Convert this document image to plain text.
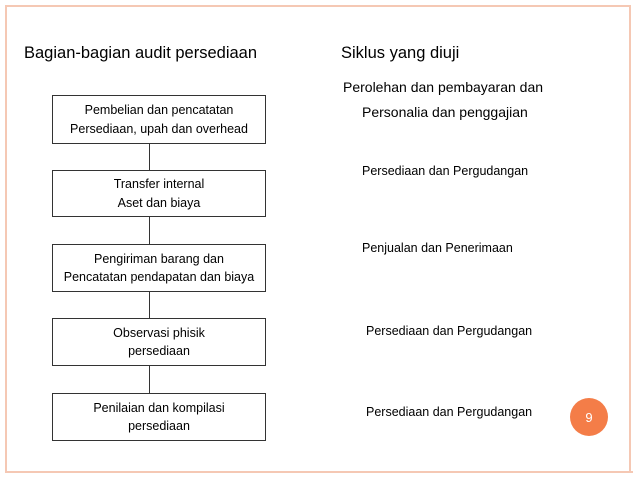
Bagian-bagian audit persediaan	Siklus yang diuji
Pembelian dan pencatatan
Persediaan, upah dan overhead
Transfer internal
Aset dan biaya
Pengiriman barang dan
Pencatatan pendapatan dan biaya
Observasi phisik
persediaan
Penilaian dan kompilasi
persediaan
Perolehan dan pembayaran dan
Personalia dan penggajian
Persediaan dan Pergudangan
Penjualan dan Penerimaan
Persediaan dan Pergudangan
Persediaan dan Pergudangan	9
